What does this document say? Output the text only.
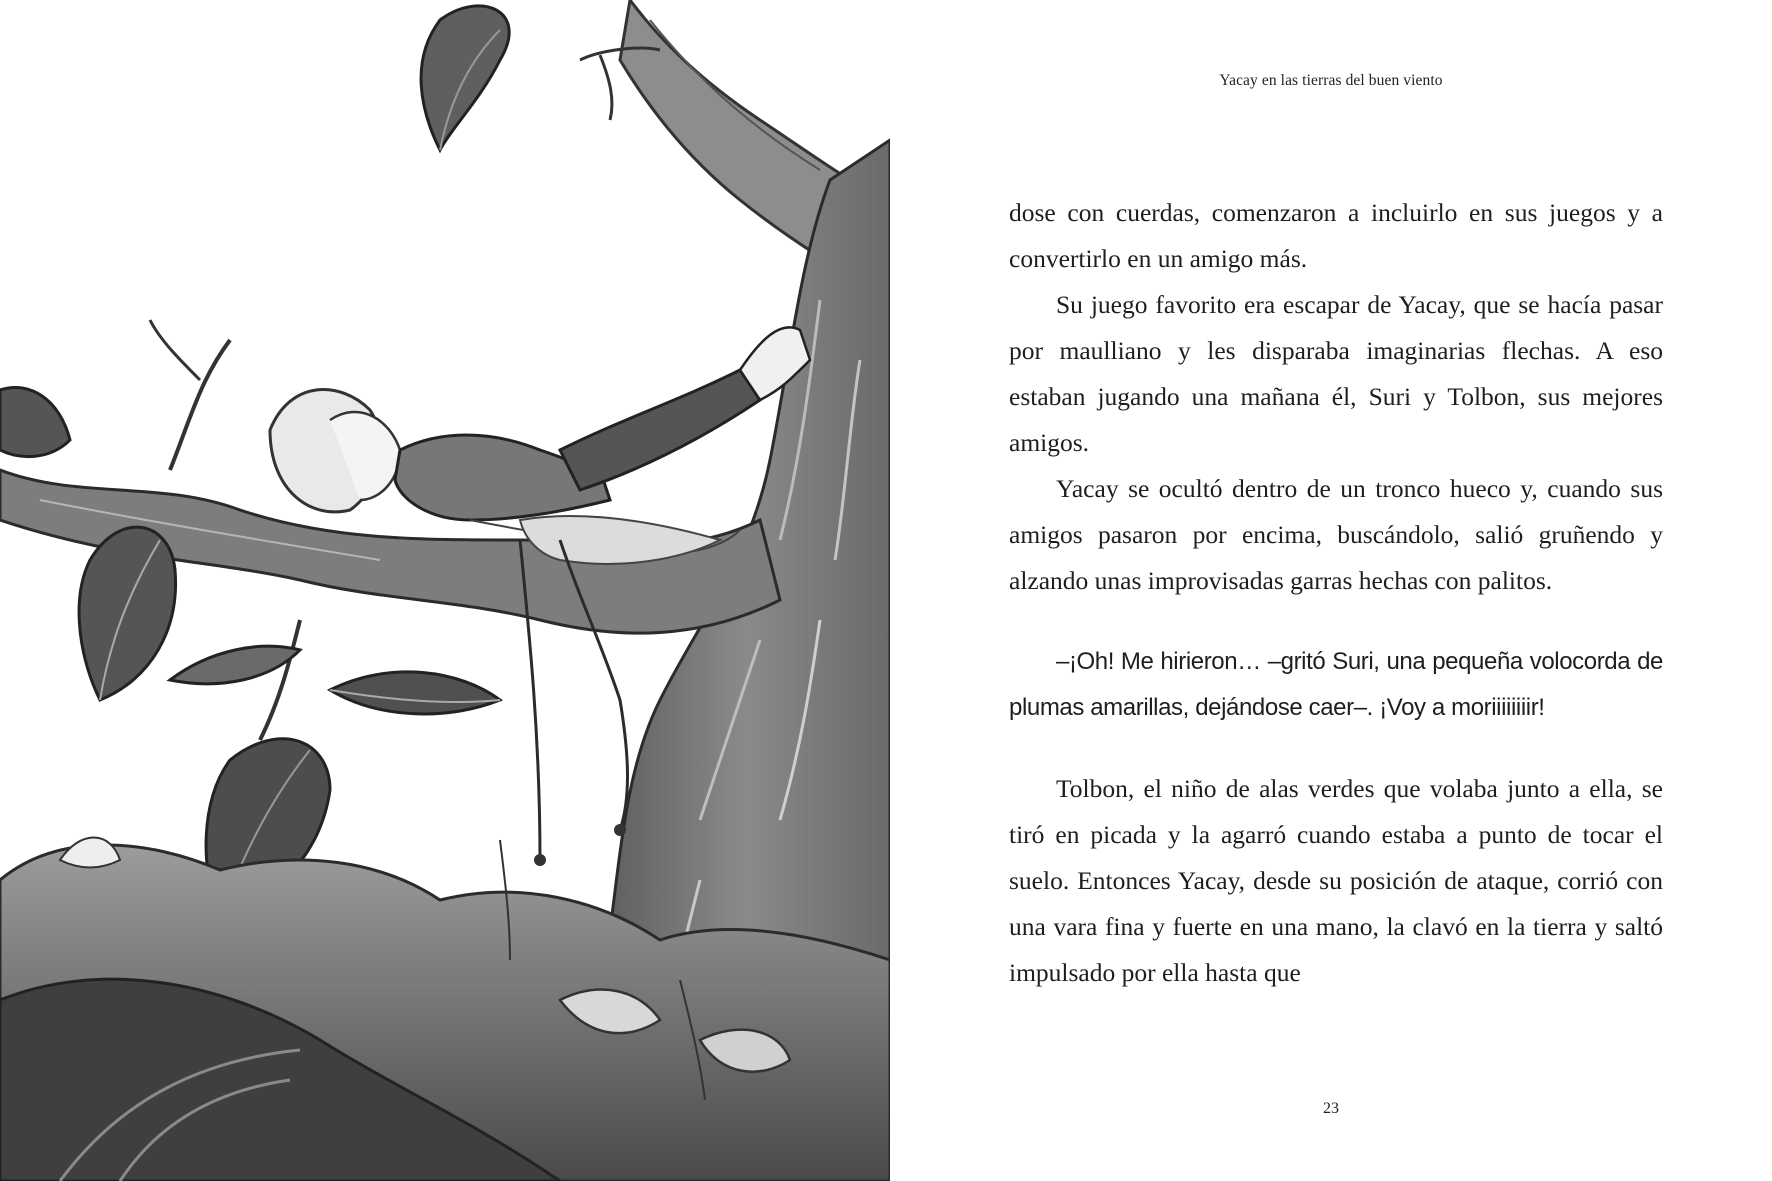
Yacay en las tierras del buen viento

dose con cuerdas, comenzaron a incluirlo en sus juegos y a convertirlo en un amigo más.

Su juego favorito era escapar de Yacay, que se hacía pasar por maulliano y les disparaba imaginarias flechas. A eso estaban jugando una mañana él, Suri y Tolbon, sus mejores amigos.

Yacay se ocultó dentro de un tronco hueco y, cuando sus amigos pasaron por encima, buscándolo, salió gruñendo y alzando unas improvisadas garras hechas con palitos.

–¡Oh! Me hirieron… –gritó Suri, una pequeña volocorda de plumas amarillas, dejándose caer–. ¡Voy a moriiiiiiiir!

Tolbon, el niño de alas verdes que volaba junto a ella, se tiró en picada y la agarró cuando estaba a punto de tocar el suelo. Entonces Yacay, desde su posición de ataque, corrió con una vara fina y fuerte en una mano, la clavó en la tierra y saltó impulsado por ella hasta que

23
